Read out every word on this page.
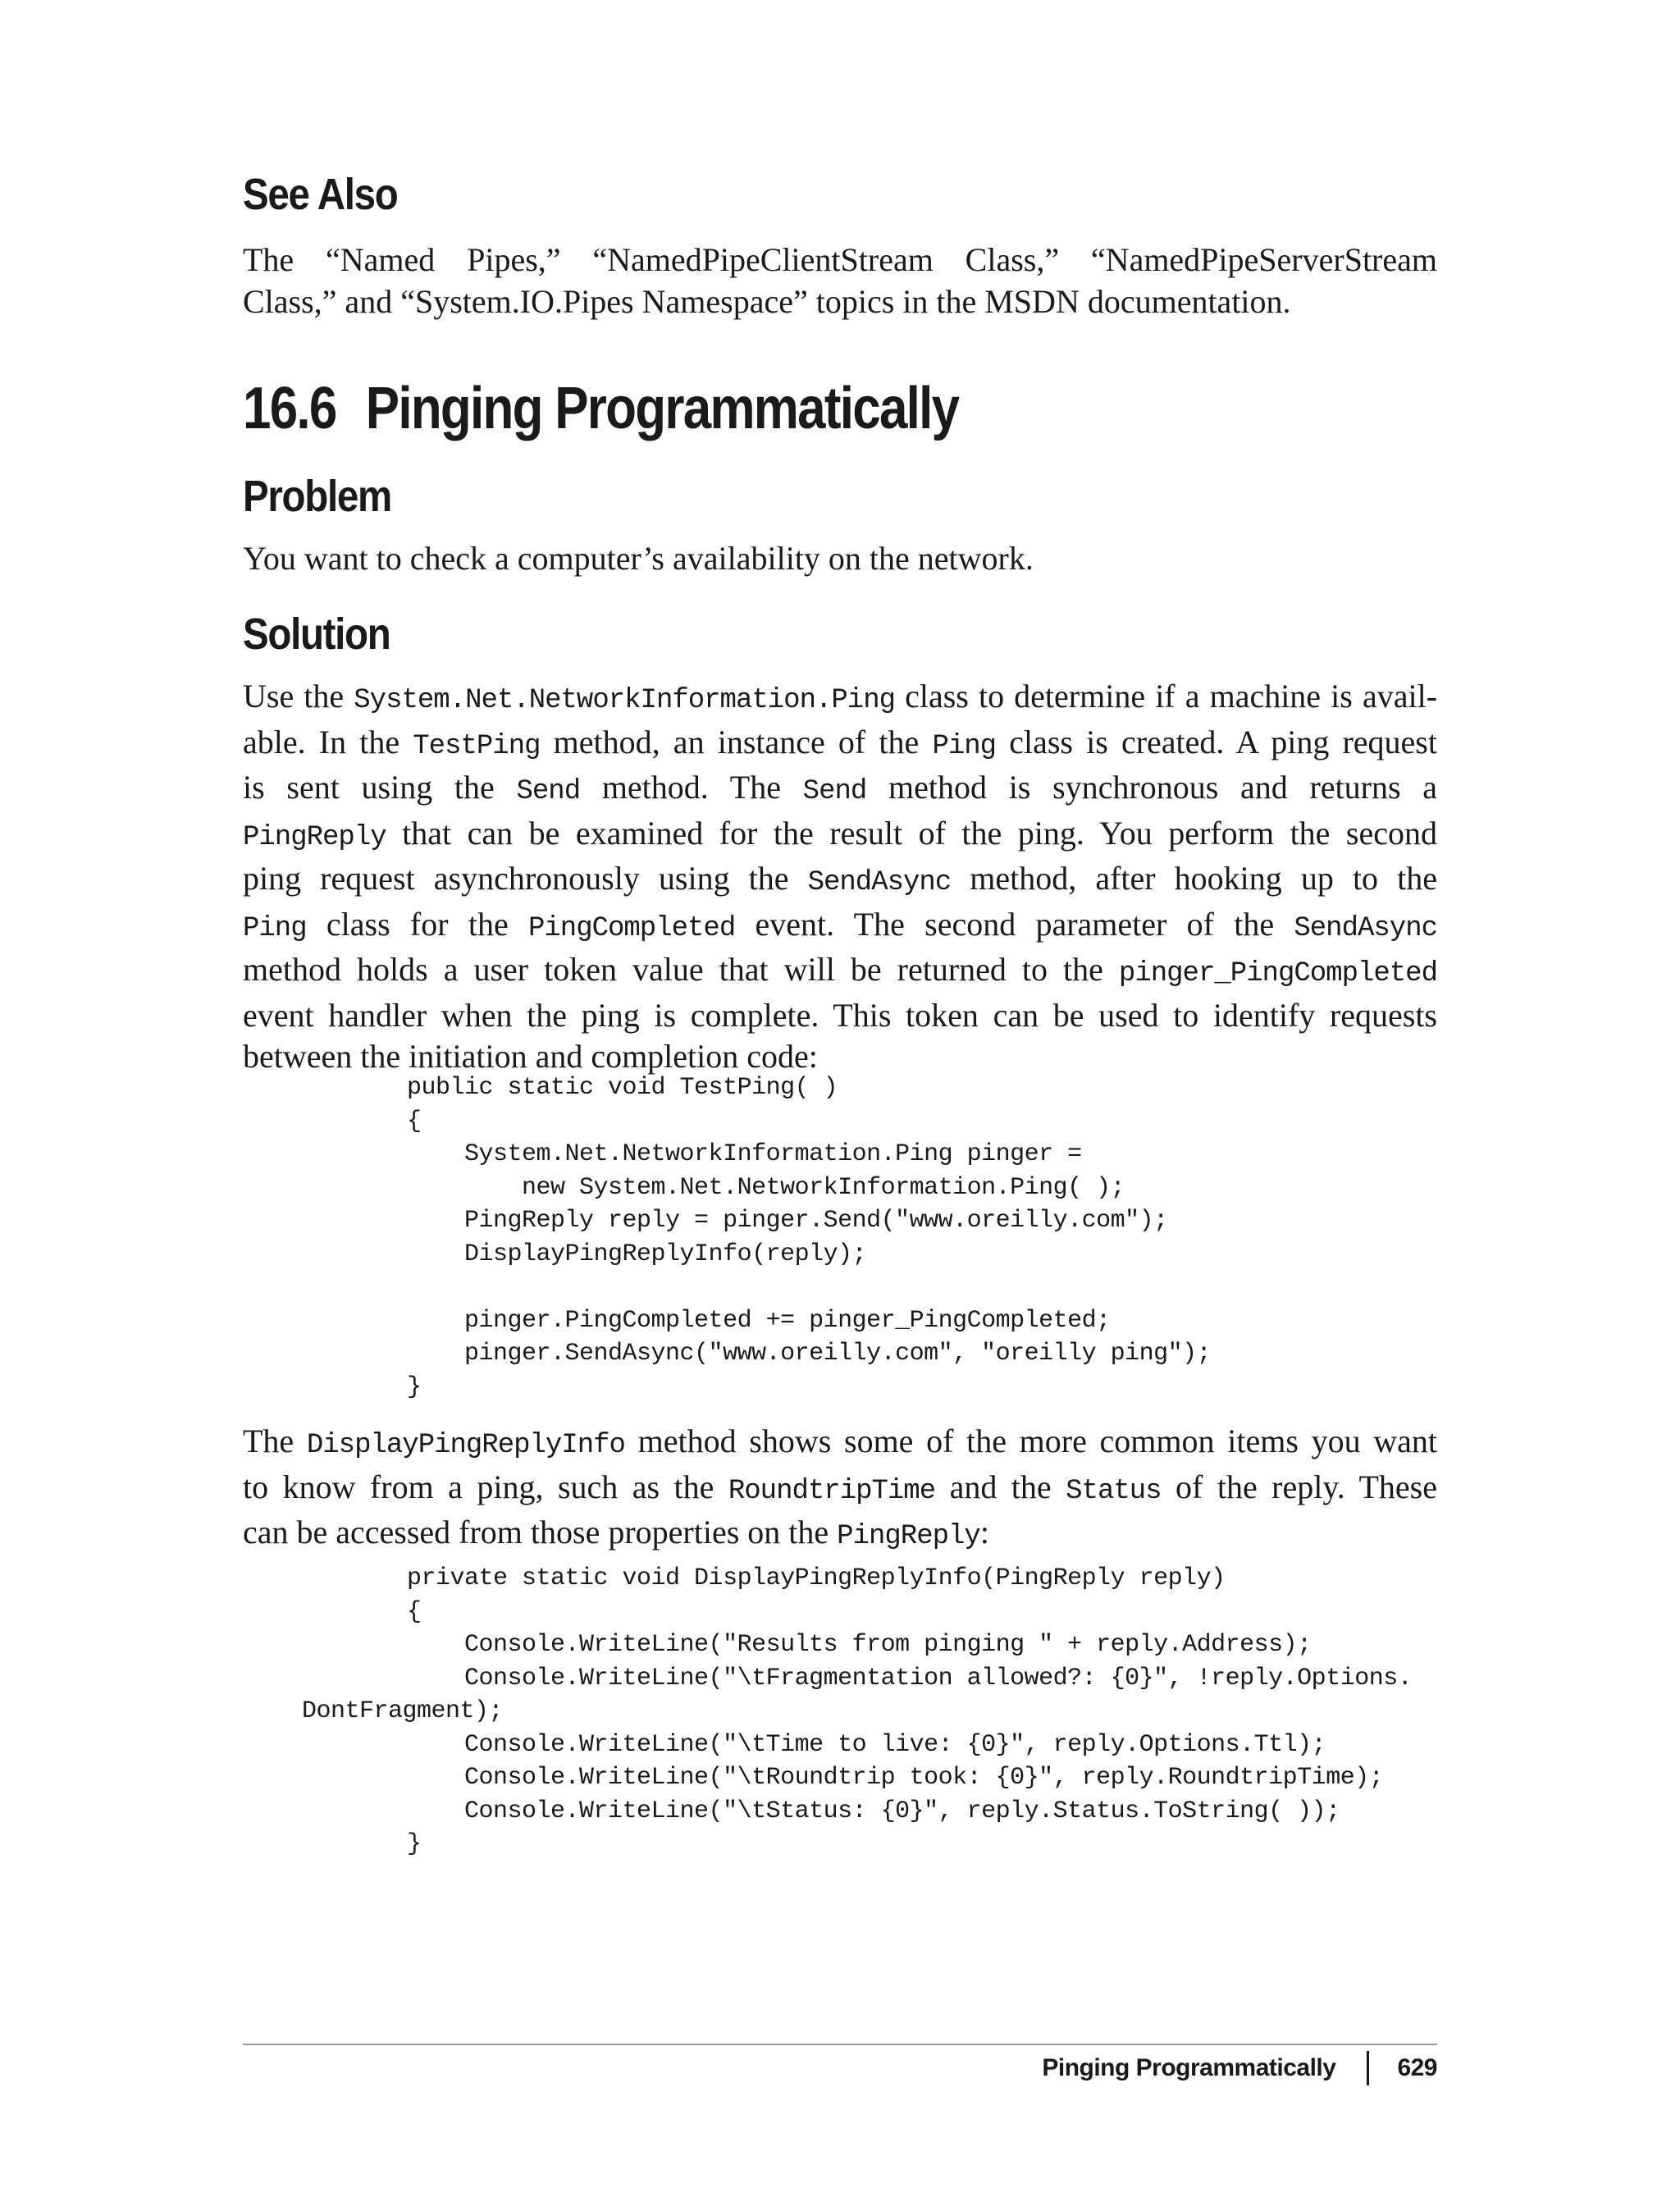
See Also
The “Named Pipes,” “NamedPipeClientStream Class,” “NamedPipeServerStream
Class,” and “System.IO.Pipes Namespace” topics in the MSDN documentation.
16.6 Pinging Programmatically
Problem
You want to check a computer’s availability on the network.
Solution
Use the System.Net.NetworkInformation.Ping class to determine if a machine is avail-
able. In the TestPing method, an instance of the Ping class is created. A ping request
is sent using the Send method. The Send method is synchronous and returns a
PingReply that can be examined for the result of the ping. You perform the second
ping request asynchronously using the SendAsync method, after hooking up to the
Ping class for the PingCompleted event. The second parameter of the SendAsync
method holds a user token value that will be returned to the pinger_PingCompleted
event handler when the ping is complete. This token can be used to identify requests
between the initiation and completion code:
public static void TestPing( )
{
System.Net.NetworkInformation.Ping pinger =
new System.Net.NetworkInformation.Ping( );
PingReply reply = pinger.Send("www.oreilly.com");
DisplayPingReplyInfo(reply);
pinger.PingCompleted += pinger_PingCompleted;
pinger.SendAsync("www.oreilly.com", "oreilly ping");
}
The DisplayPingReplyInfo method shows some of the more common items you want
to know from a ping, such as the RoundtripTime and the Status of the reply. These
can be accessed from those properties on the PingReply:
private static void DisplayPingReplyInfo(PingReply reply)
{
Console.WriteLine("Results from pinging " + reply.Address);
Console.WriteLine("\tFragmentation allowed?: {0}", !reply.Options.
DontFragment);
Console.WriteLine("\tTime to live: {0}", reply.Options.Ttl);
Console.WriteLine("\tRoundtrip took: {0}", reply.RoundtripTime);
Console.WriteLine("\tStatus: {0}", reply.Status.ToString( ));
}
Pinging Programmatically	629
